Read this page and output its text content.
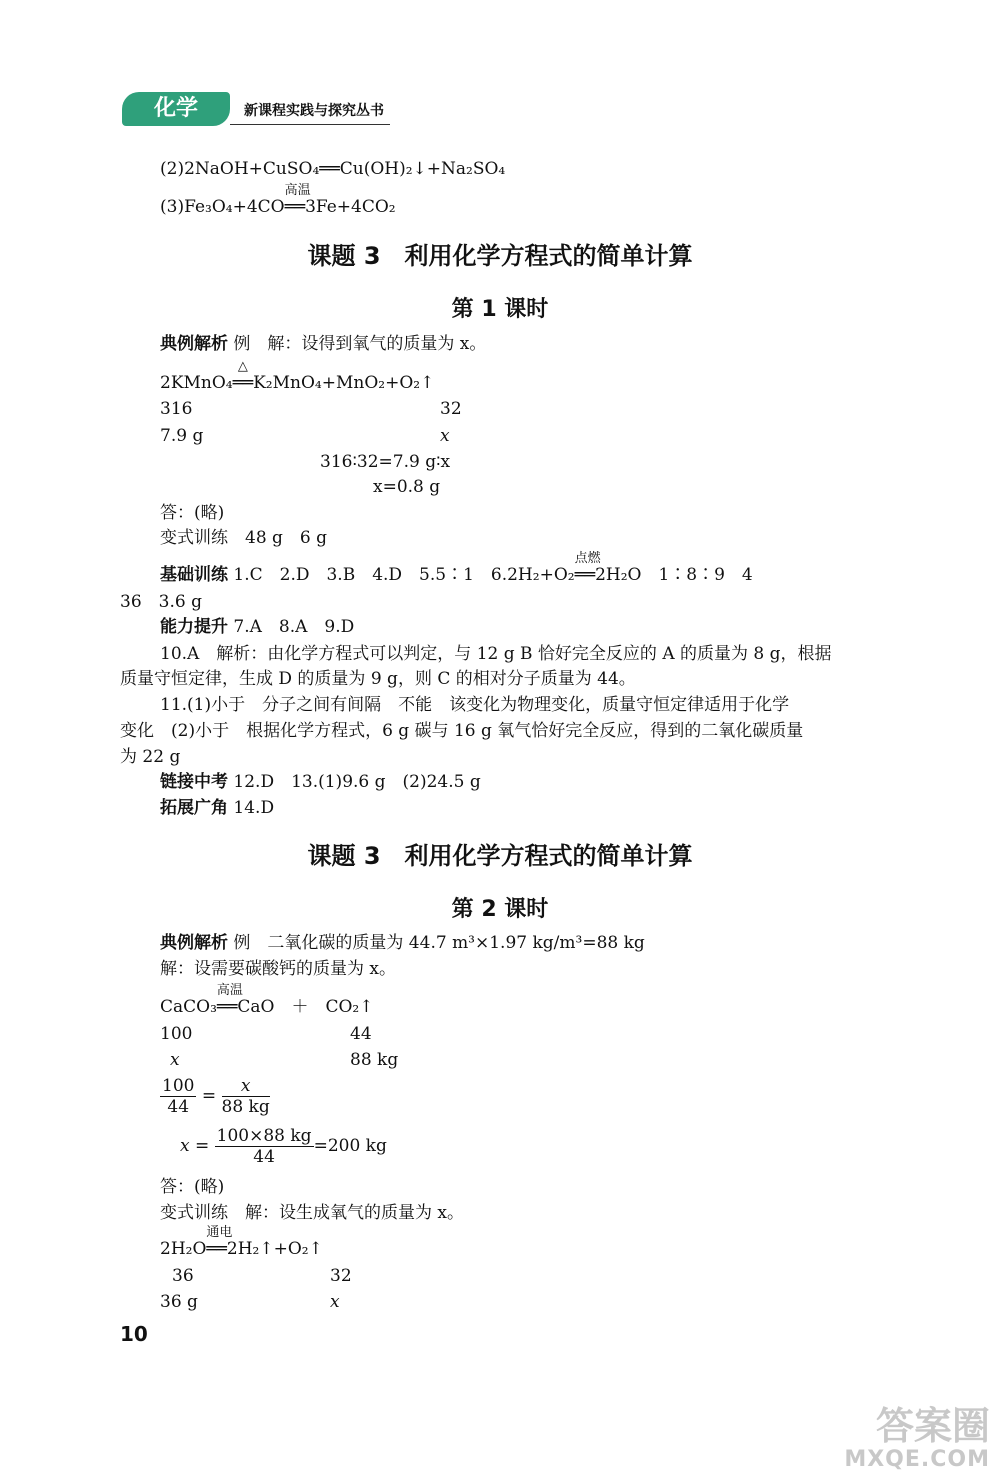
化学	新课程实践与探究丛书
(2)2NaOH+CuSO₄══Cu(OH)₂↓+Na₂SO₄
(3)Fe₃O₄+4CO
高温
══3Fe+4CO₂
课题 3　利用化学方程式的简单计算
第 1 课时
典例解析 例　解：设得到氧气的质量为 x。
2KMnO₄
△
══K₂MnO₄+MnO₂+O₂↑
316	32
7.9 g	x
316∶32=7.9 g∶x
x=0.8 g
答：(略)
变式训练　48 g　6 g
基础训练 1.C　2.D　3.B　4.D　5.5∶1　6.2H₂+O₂
点燃
══2H₂O　1∶8∶9　4
36　3.6 g
能力提升 7.A　8.A　9.D
10.A　解析：由化学方程式可以判定，与 12 g B 恰好完全反应的 A 的质量为 8 g，根据
质量守恒定律，生成 D 的质量为 9 g，则 C 的相对分子质量为 44。
11.(1)小于　分子之间有间隔　不能　该变化为物理变化，质量守恒定律适用于化学
变化　(2)小于　根据化学方程式，6 g 碳与 16 g 氧气恰好完全反应，得到的二氧化碳质量
为 22 g
链接中考 12.D　13.(1)9.6 g　(2)24.5 g
拓展广角 14.D
课题 3　利用化学方程式的简单计算
第 2 课时
典例解析 例　二氧化碳的质量为 44.7 m³×1.97 kg/m³=88 kg
解：设需要碳酸钙的质量为 x。
CaCO₃
高温
══CaO　＋　CO₂↑
100	44
x	88 kg
$\frac{100}{44} = \frac{x}{88 kg}$
$x = \frac{100\times 88 kg}{44} =200$ kg
答：(略)
变式训练　解：设生成氧气的质量为 x。
2H₂O
通电
══2H₂↑+O₂↑
36	32
36 g	x
10
答案圈
MXQE.COM
